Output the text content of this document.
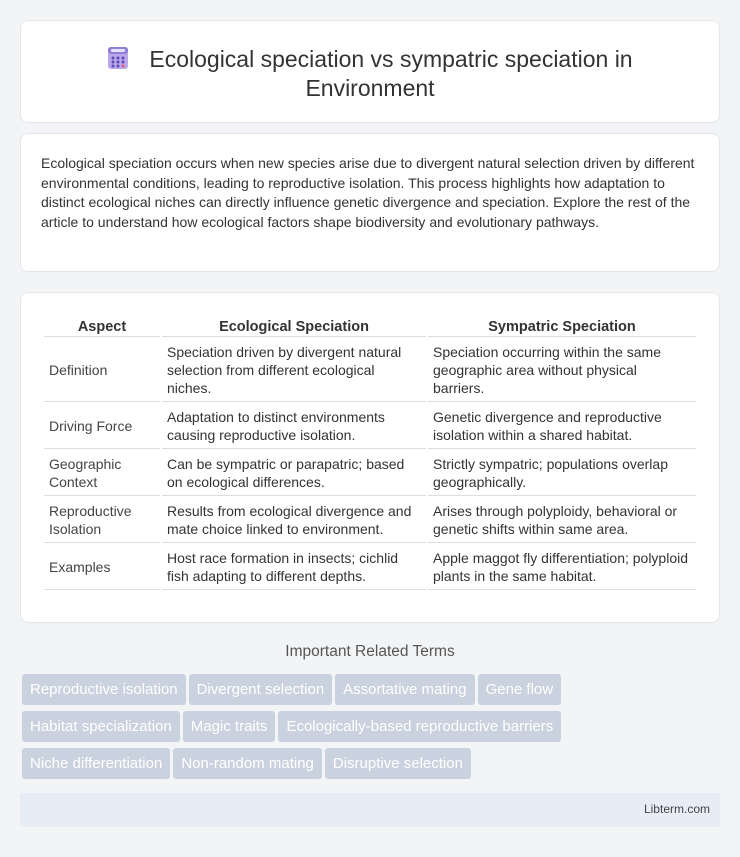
Ecological speciation vs sympatric speciation in
Environment

Ecological speciation occurs when new species arise due to divergent natural selection driven by different environmental conditions, leading to reproductive isolation. This process highlights how adaptation to distinct ecological niches can directly influence genetic divergence and speciation. Explore the rest of the article to understand how ecological factors shape biodiversity and evolutionary pathways.

Aspect	Ecological Speciation	Sympatric Speciation
Definition	Speciation driven by divergent natural selection from different ecological niches.	Speciation occurring within the same geographic area without physical barriers.
Driving Force	Adaptation to distinct environments causing reproductive isolation.	Genetic divergence and reproductive isolation within a shared habitat.
Geographic Context	Can be sympatric or parapatric; based on ecological differences.	Strictly sympatric; populations overlap geographically.
Reproductive Isolation	Results from ecological divergence and mate choice linked to environment.	Arises through polyploidy, behavioral or genetic shifts within same area.
Examples	Host race formation in insects; cichlid fish adapting to different depths.	Apple maggot fly differentiation; polyploid plants in the same habitat.
Important Related Terms
Reproductive isolation Divergent selection Assortative mating Gene flow
Habitat specialization Magic traits Ecologically-based reproductive barriers
Niche differentiation Non-random mating Disruptive selection
Libterm.com
